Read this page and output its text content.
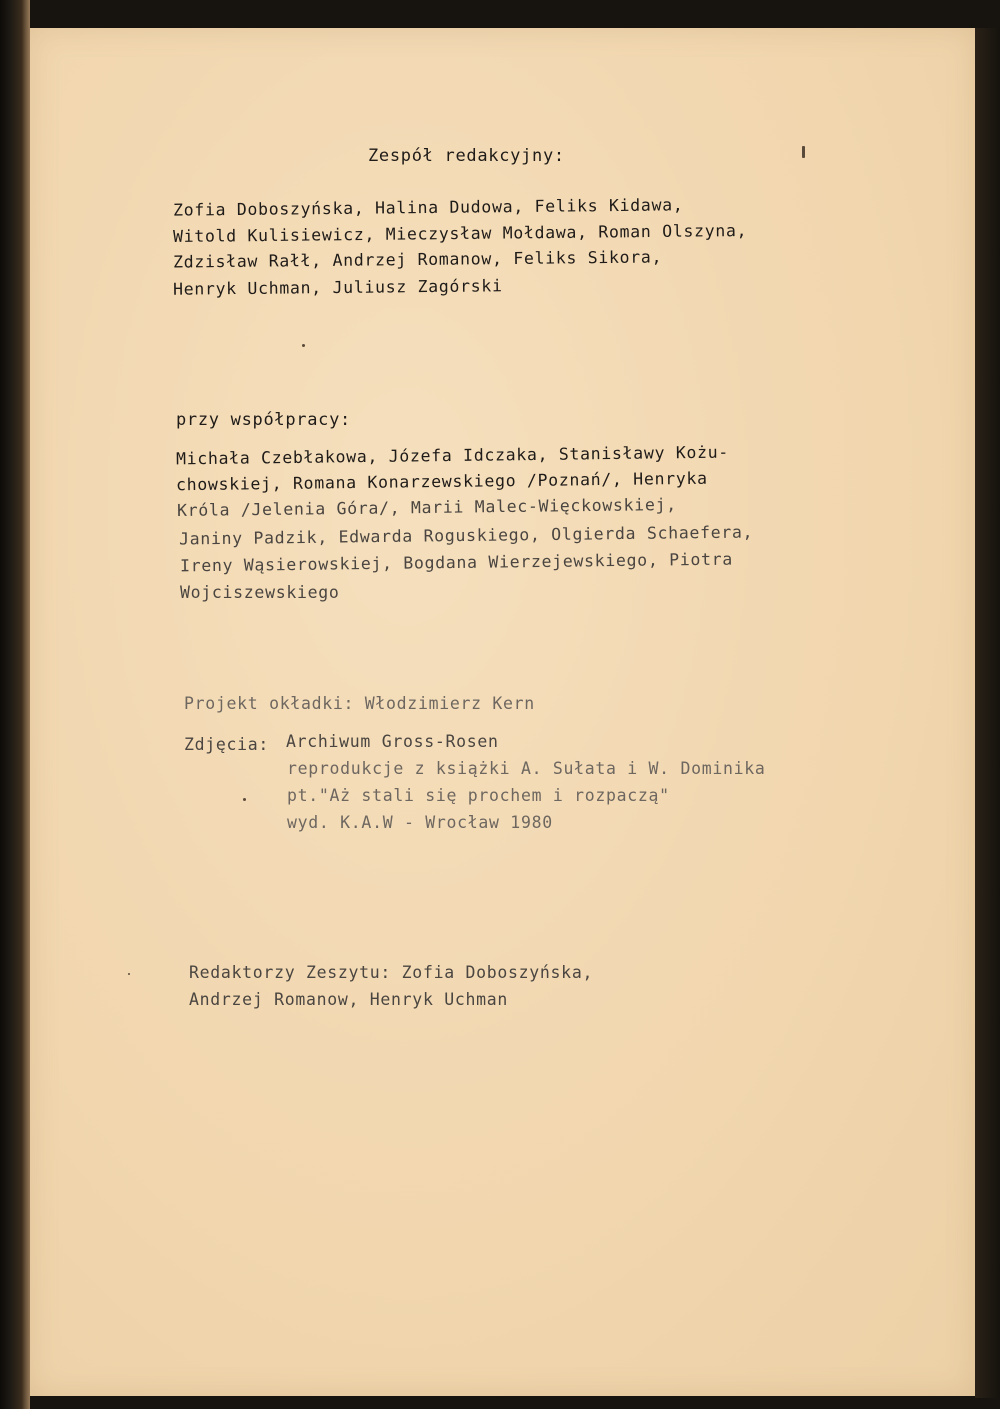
Zespół redakcyjny:

Zofia Doboszyńska, Halina Dudowa, Feliks Kidawa,

Witold Kulisiewicz, Mieczysław Mołdawa, Roman Olszyna,

Zdzisław Rałł, Andrzej Romanow, Feliks Sikora,

Henryk Uchman, Juliusz Zagórski

przy współpracy:

Michała Czebłakowa, Józefa Idczaka, Stanisławy Kożu-

chowskiej, Romana Konarzewskiego /Poznań/, Henryka

Króla /Jelenia Góra/, Marii Malec-Więckowskiej,

Janiny Padzik, Edwarda Roguskiego, Olgierda Schaefera,

Ireny Wąsierowskiej, Bogdana Wierzejewskiego, Piotra

Wojciszewskiego

Projekt okładki: Włodzimierz Kern

Zdjęcia: Archiwum Gross-Rosen

reprodukcje z książki A. Sułata i W. Dominika

pt."Aż stali się prochem i rozpaczą"

wyd. K.A.W - Wrocław 1980

Redaktorzy Zeszytu: Zofia Doboszyńska,

Andrzej Romanow, Henryk Uchman
